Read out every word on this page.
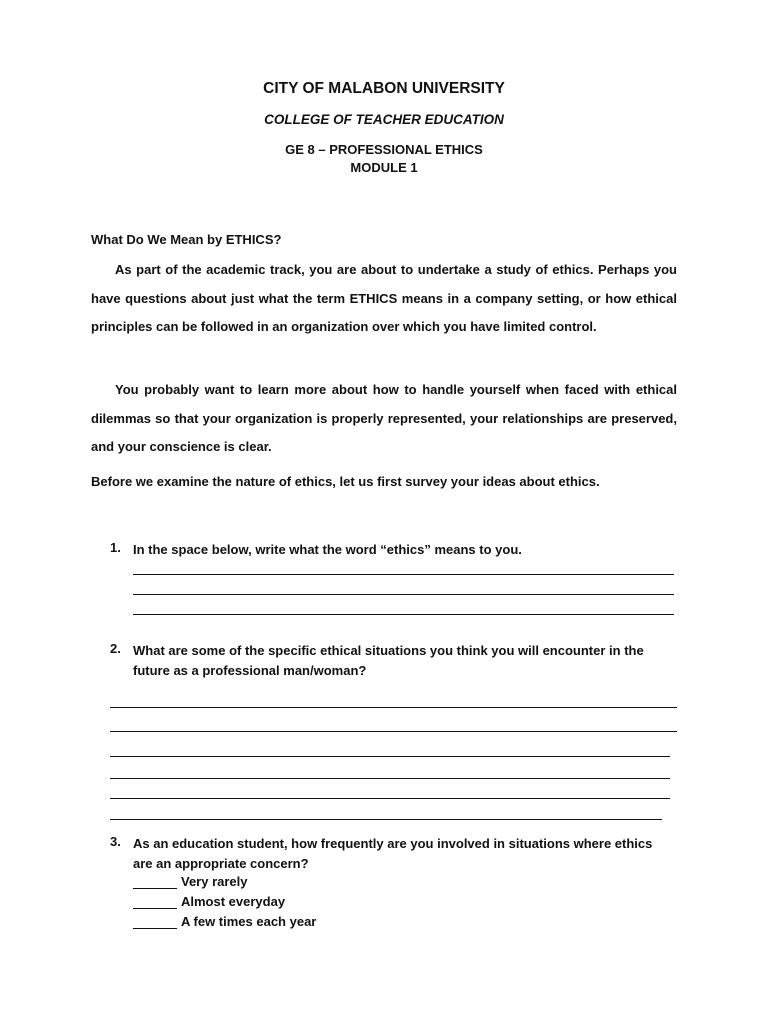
CITY OF MALABON UNIVERSITY
COLLEGE OF TEACHER EDUCATION
GE 8 – PROFESSIONAL ETHICS
MODULE 1
What Do We Mean by ETHICS?
As part of the academic track, you are about to undertake a study of ethics. Perhaps you have questions about just what the term ETHICS means in a company setting, or how ethical principles can be followed in an organization over which you have limited control.
You probably want to learn more about how to handle yourself when faced with ethical dilemmas so that your organization is properly represented, your relationships are preserved, and your conscience is clear.
Before we examine the nature of ethics, let us first survey your ideas about ethics.
1. In the space below, write what the word “ethics” means to you.
2. What are some of the specific ethical situations you think you will encounter in the future as a professional man/woman?
3. As an education student, how frequently are you involved in situations where ethics are an appropriate concern?
Very rarely
Almost everyday
A few times each year
